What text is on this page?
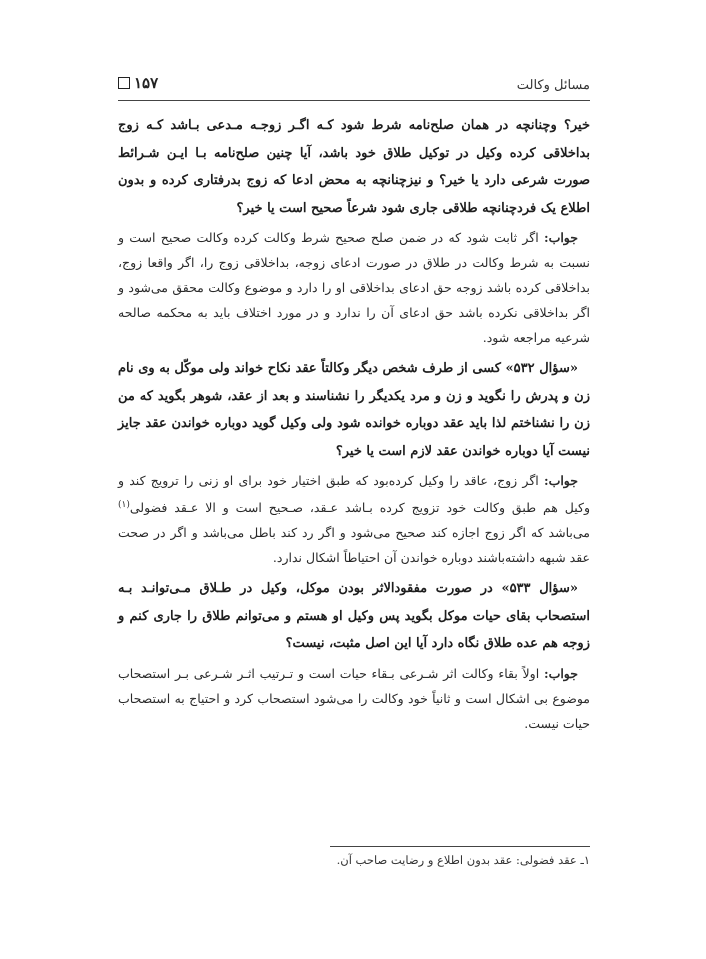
مسائل وکالت
۱۵۷

خیر؟ وچنانچه در همان صلح‌نامه شرط شود کـه اگـر زوجـه مـدعی بـاشد کـه زوج بداخلاقی کرده وکیل در توکیل طلاق خود باشد، آیا چنین صلح‌نامه بـا ایـن شـرائط صورت شرعی دارد یا خیر؟ و نیزچنانچه به محض ادعا که زوج بدرفتاری کرده و بدون اطلاع یک فردچنانچه طلاقی جاری شود شرعاً صحیح است یا خیر؟

جواب: اگر ثابت شود که در ضمن صلح صحیح شرط وکالت کرده وکالت صحیح است و نسبت به شرط وکالت در طلاق در صورت ادعای زوجه، بداخلاقی زوج را، اگر واقعا زوج، بداخلاقی کرده باشد زوجه حق ادعای بداخلاقی او را دارد و موضوع وکالت محقق می‌شود و اگر بداخلاقی نکرده باشد حق ادعای آن را ندارد و در مورد اختلاف باید به محکمه صالحه شرعیه مراجعه شود.

«سؤال ۵۳۲» کسی از طرف شخص دیگر وکالتاً عقد نکاح خواند ولی موکّل به وی نام زن و پدرش را نگوید و زن و مرد یکدیگر را نشناسند و بعد از عقد، شوهر بگوید که من زن را نشناختم لذا باید عقد دوباره خوانده شود ولی وکیل گوید دوباره خواندن عقد جایز نیست آیا دوباره خواندن عقد لازم است یا خیر؟

جواب: اگر زوج، عاقد را وکیل کرده‌بود که طبق اختیار خود برای او زنی را ترویج کند و وکیل هم طبق وکالت خود تزویج کرده بـاشد عـقد، صـحیح است و الا عـقد فضولی$^{(۱)}$ می‌باشد که اگر زوج اجازه کند صحیح می‌شود و اگر رد کند باطل می‌باشد و اگر در صحت عقد شبهه داشته‌باشند دوباره خواندن آن احتیاطاً اشکال ندارد.

«سؤال ۵۳۳» در صورت مفقودالاثر بودن موکل، وکیل در طـلاق مـی‌توانـد بـه استصحاب بقای حیات موکل بگوید پس وکیل او هستم و می‌توانم طلاق را جاری کنم و زوجه هم عده طلاق نگاه دارد آیا این اصل مثبت، نیست؟

جواب: اولاً بقاء وکالت اثر شـرعی بـقاء حیات است و تـرتیب اثـر شـرعی بـر استصحاب موضوع بی اشکال است و ثانیاً خود وکالت را می‌شود استصحاب کرد و احتیاج به استصحاب حیات نیست.

۱ـ عقد فضولی: عقد بدون اطلاع و رضایت صاحب آن.
